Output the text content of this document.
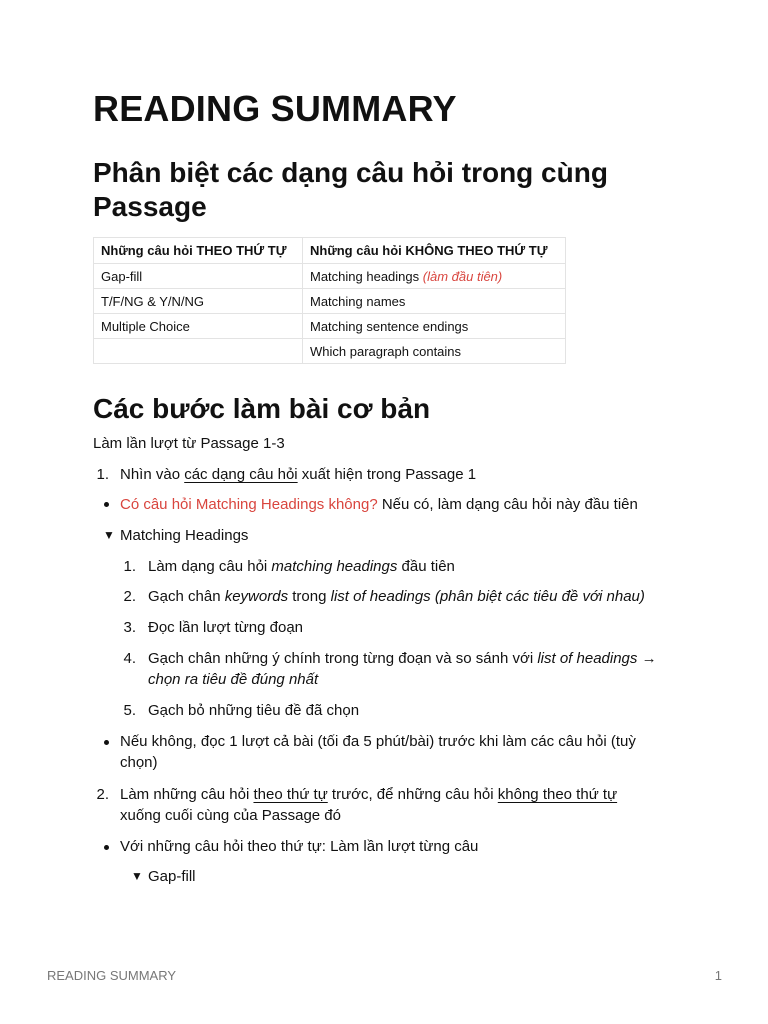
READING SUMMARY
Phân biệt các dạng câu hỏi trong cùng Passage
Những câu hỏi THEO THỨ TỰ	Những câu hỏi KHÔNG THEO THỨ TỰ
Gap-fill	Matching headings (làm đầu tiên)
T/F/NG & Y/N/NG	Matching names
Multiple Choice	Matching sentence endings
	Which paragraph contains
Các bước làm bài cơ bản
Làm lần lượt từ Passage 1-3
1. Nhìn vào các dạng câu hỏi xuất hiện trong Passage 1
Có câu hỏi Matching Headings không? Nếu có, làm dạng câu hỏi này đầu tiên
▼ Matching Headings
1. Làm dạng câu hỏi matching headings đầu tiên
2. Gạch chân keywords trong list of headings (phân biệt các tiêu đề với nhau)
3. Đọc lần lượt từng đoạn
4. Gạch chân những ý chính trong từng đoạn và so sánh với list of headings → chọn ra tiêu đề đúng nhất
5. Gạch bỏ những tiêu đề đã chọn
Nếu không, đọc 1 lượt cả bài (tối đa 5 phút/bài) trước khi làm các câu hỏi (tuỳ chọn)
2. Làm những câu hỏi theo thứ tự trước, để những câu hỏi không theo thứ tự xuống cuối cùng của Passage đó
Với những câu hỏi theo thứ tự: Làm lần lượt từng câu
▼ Gap-fill
READING SUMMARY	1
